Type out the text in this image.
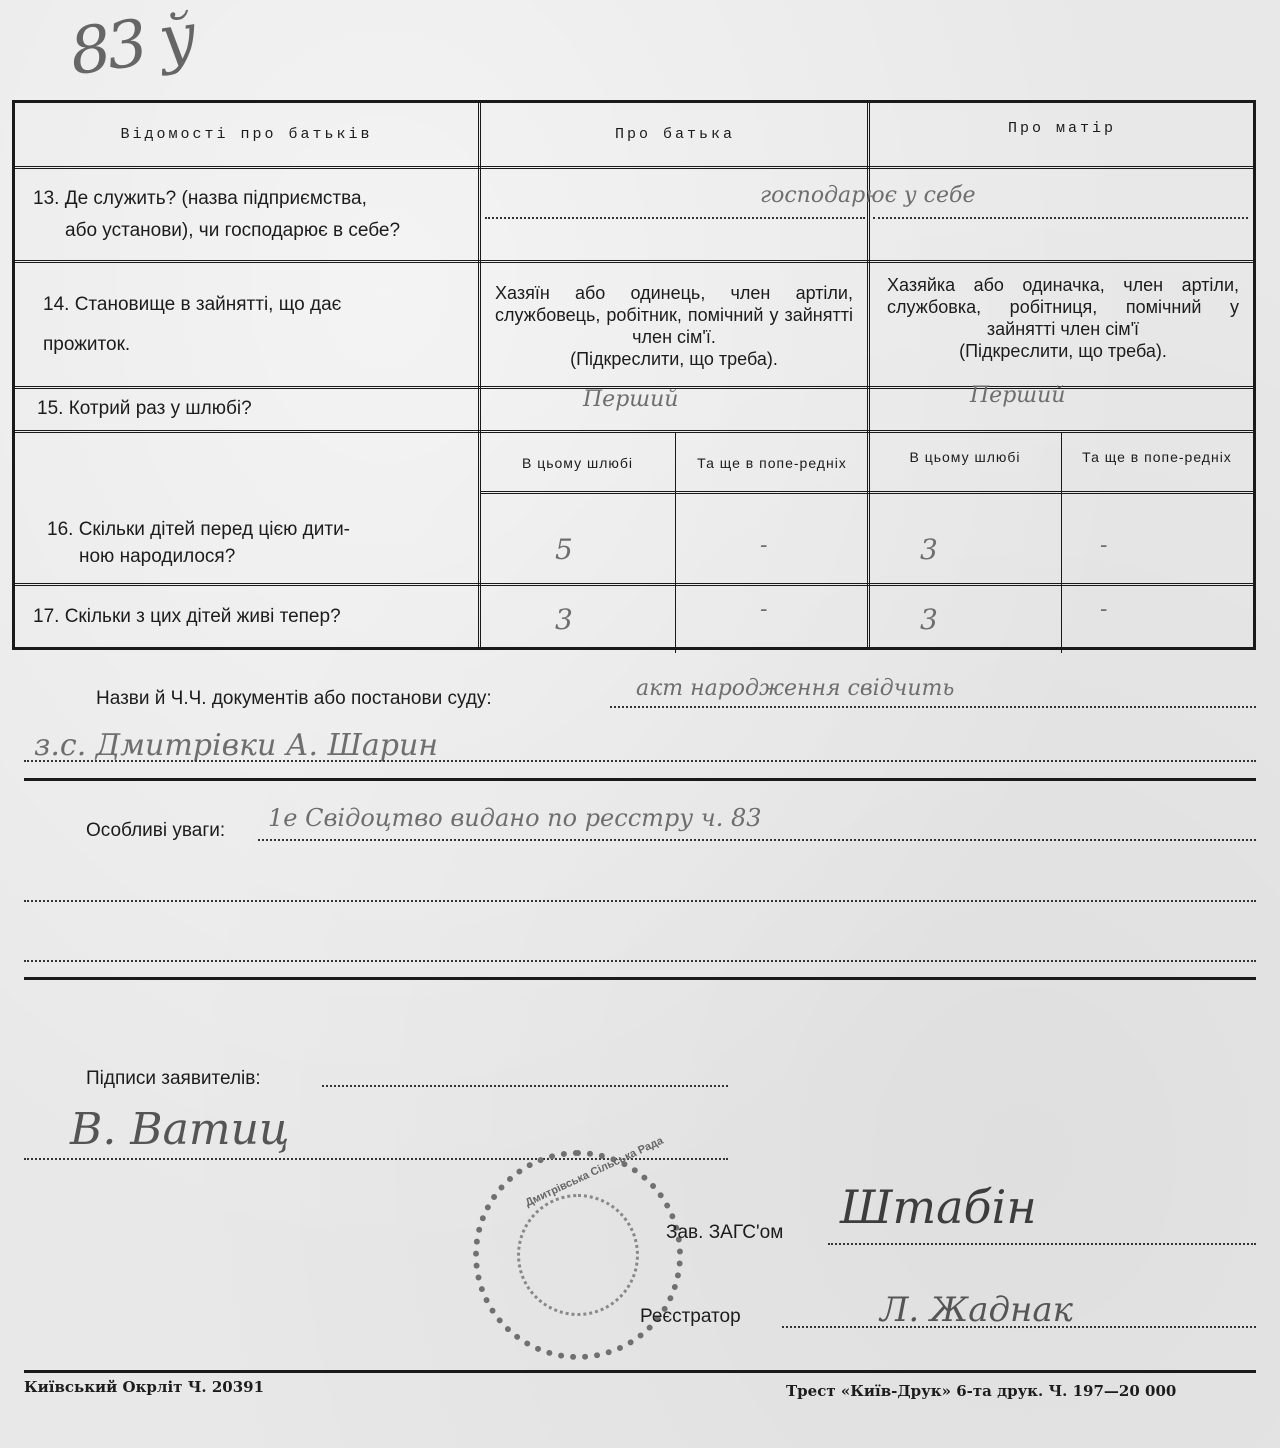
83 ў
Відомості про батьків	Про батька	Про матір
13. Де служить? (назва підприємства,
або установи), чи господарює в себе?
господарює у себе
14. Становище в зайнятті, що дає
прожиток.
Хазяїн або одинець, член артіли, службовець, робітник, помічний у зайнятті член сім'ї.
(Підкреслити, що треба).
Хазяйка або одиначка, член артіли, службовка, робітниця, помічний у зайнятті член сім'ї
(Підкреслити, що треба).
15.
Котрий раз у шлюбі?	Перший	Перший
В цьому шлюбі	Та ще в попе-редніх	В цьому шлюбі	Та ще в попе-редніх
16. Скільки дітей перед цією дити-
ною народилося?	5	-	3	-
17.
Скільки з цих дітей живі тепер?	3	-	3	-
Назви й Ч.Ч. документів або постанови суду:	акт народження свідчить
з.с. Дмитрівки А. Шарин
Особливі уваги: 1е Свідоцтво видано по ресстру ч. 83
Підписи заявителів:
В. Ватиц
Дмитрівська Сільська Рада
Зав. ЗАГС'ом Штабін
Реєстратор	Л. Жаднак
Київський Окрліт Ч. 20391	Трест «Київ-Друк» 6-та друк. Ч. 197—20 000
